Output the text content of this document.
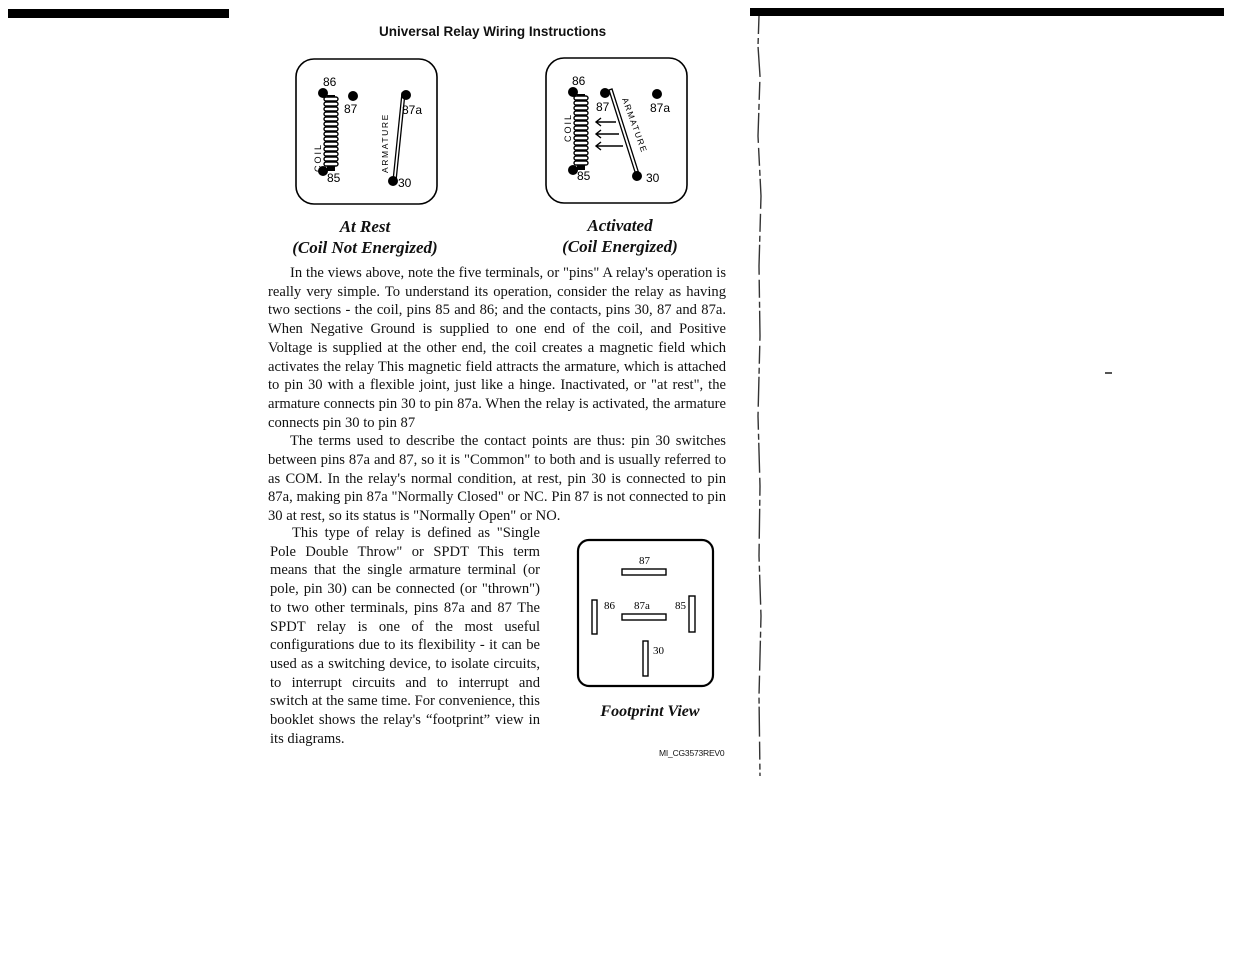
Universal Relay Wiring Instructions
86
87	87a
85	30
COIL	ARMATURE
At Rest
(Coil Not Energized)
86
87	87a
85	30
COIL	ARMATURE
Activated
(Coil Energized)

In the views above, note the five terminals, or "pins" A relay's operation is really very simple. To understand its operation, consider the relay as having two sections - the coil, pins 85 and 86; and the contacts, pins 30, 87 and 87a. When Negative Ground is supplied to one end of the coil, and Positive Voltage is supplied at the other end, the coil creates a magnetic field which activates the relay This magnetic field attracts the armature, which is attached to pin 30 with a flexible joint, just like a hinge. Inactivated, or "at rest", the armature connects pin 30 to pin 87a. When the relay is activated, the armature connects pin 30 to pin 87

The terms used to describe the contact points are thus: pin 30 switches between pins 87a and 87, so it is "Common" to both and is usually referred to as COM. In the relay's normal condition, at rest, pin 30 is connected to pin 87a, making pin 87a "Normally Closed" or NC. Pin 87 is not connected to pin 30 at rest, so its status is "Normally Open" or NO.

This type of relay is defined as "Single Pole Double Throw" or SPDT This term means that the single armature terminal (or pole, pin 30) can be connected (or "thrown") to two other terminals, pins 87a and 87 The SPDT relay is one of the most useful configurations due to its flexibility - it can be used as a switching device, to isolate circuits, to interrupt circuits and to interrupt and switch at the same time. For convenience, this booklet shows the relay's “footprint” view in its diagrams.

87
86 87a 85
30
Footprint View
MI_CG3573REV0
